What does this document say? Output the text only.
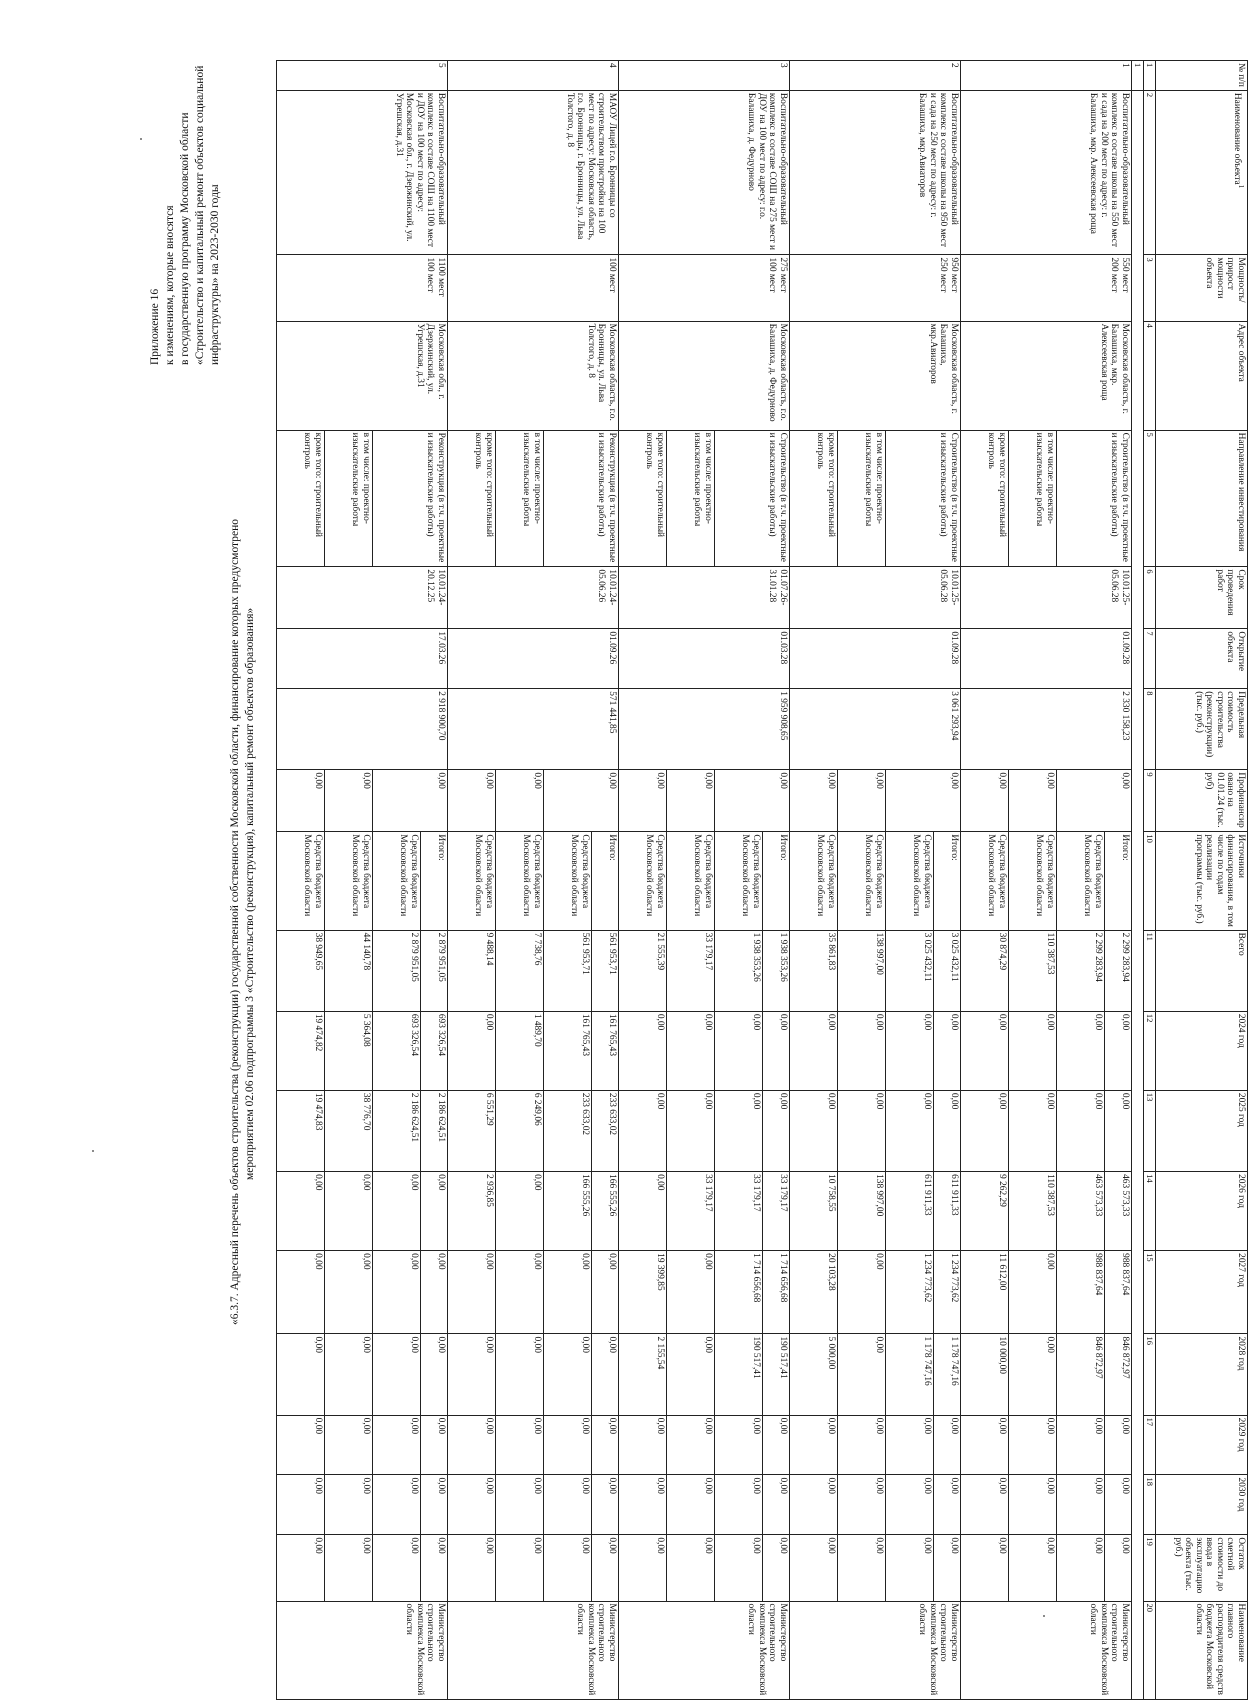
Приложение 16 к изменениям, которые вносятся в государственную программу Московской области «Строительство и капитальный ремонт объектов социальной инфраструктуры» на 2023-2030 годы
«6.3.7. Адресный перечень объектов строительства (реконструкции) государственной собственности Московской области, финансирование которых предусмотрено мероприятием 02.06 подпрограммы 3 «Строительство (реконструкция), капитальный ремонт объектов образования»
№ п/п	Наименование объекта$^1$	Мощность/ прирост мощности объекта	Адрес объекта	Направление инвестирования	Срок проведения работ	Открытие объекта	Предельная стоимость строительства (реконструкции) (тыс. руб.)	Профинансировано на 01.01.24 (тыс. руб)	Источники финансирования, в том числе по годам реализации программы (тыс. руб.)	Всего	2024 год	2025 год	2026 год	2027 год	2028 год	2029 год	2030 год	Остаток сметной стоимости до ввода в эксплуатацию объекта (тыс. руб.)	Наименование главного распорядителя средств бюджета Московской области
1	2	3	4	5	6	7	8	9	10	11	12	13	14	15	16	17	18	19	20
1																			
1	Воспитательно-образовательный комплекс в составе школы на 550 мест и сада на 200 мест по адресу: г. Балашиха, мкр. Алексеевская роща	550 мест
200 мест	Московская область, г. Балашиха, мкр. Алексеевская роща	Строительство (в т.ч. проектные и изыскательские работы)	10.01.25-05.06.28	01.09.28	2 330 158,23	0,00	Итого:	2 299 283,94	0,00	0,00	463 573,33	988 837,64	846 872,97	0,00	0,00	0,00	Министерство строительного комплекса Московской области
									Средства бюджета Московской области	2 299 283,94	0,00	0,00	463 573,33	988 837,64	846 872,97	0,00	0,00	0,00	
				в том числе: проектно-изыскательские работы				0,00	Средства бюджета Московской области	110 387,53	0,00	0,00	110 387,53	0,00	0,00	0,00	0,00	0,00	
				кроме того: строительный контроль				0,00	Средства бюджета Московской области	30 874,29	0,00	0,00	9 262,29	11 612,00	10 000,00	0,00	0,00	0,00	
2	Воспитательно-образовательный комплекс в составе школы на 950 мест и сада на 250 мест по адресу: г. Балашиха, мкр.Авиаторов	950 мест
250 мест	Московская область, г. Балашиха, мкр.Авиаторов	Строительство (в т.ч. проектные и изыскательские работы)	10.01.25-05.06.28	01.09.28	3 061 293,94	0,00	Итого:	3 025 432,11	0,00	0,00	611 911,33	1 234 773,62	1 178 747,16	0,00	0,00	0,00	Министерство строительного комплекса Московской области
									Средства бюджета Московской области	3 025 432,11	0,00	0,00	611 911,33	1 234 773,62	1 178 747,16	0,00	0,00	0,00	
				в том числе: проектно-изыскательские работы				0,00	Средства бюджета Московской области	138 997,00	0,00	0,00	138 997,00	0,00	0,00	0,00	0,00	0,00	
				кроме того: строительный контроль				0,00	Средства бюджета Московской области	35 861,83	0,00	0,00	10 758,55	20 103,28	5 000,00	0,00	0,00	0,00	
3	Воспитательно-образовательный комплекс в составе СОШ на 275 мест и ДОУ на 100 мест по адресу: г.о. Балашиха, д. Федурново	275 мест
100 мест	Московская область, г.о. Балашиха, д. Федурново	Строительство (в т.ч. проектные и изыскательские работы)	01.07.26-31.01.28	01.03.28	1 959 908,65	0,00	Итого:	1 938 353,26	0,00	0,00	33 179,17	1 714 656,68	190 517,41	0,00	0,00	0,00	Министерство строительного комплекса Московской области
									Средства бюджета Московской области	1 938 353,26	0,00	0,00	33 179,17	1 714 656,68	190 517,41	0,00	0,00	0,00	
				в том числе: проектно-изыскательские работы				0,00	Средства бюджета Московской области	33 179,17	0,00	0,00	33 179,17	0,00	0,00	0,00	0,00	0,00	
				кроме того: строительный контроль				0,00	Средства бюджета Московской области	21 555,39	0,00	0,00	0,00	19 399,85	2 155,54	0,00	0,00	0,00	
4	МАОУ Лицей г.о. Бронницы со строительством пристройки на 100 мест по адресу: Московская область, г.о. Бронницы, г. Бронницы, ул. Льва Толстого, д. 8	100 мест	Московская область, г.о. Бронницы, ул. Льва Толстого, д. 8	Реконструкция (в т.ч. проектные и изыскательские работы)	10.01.24-05.06.26	01.09.26	571 441,85	0,00	Итого:	561 953,71	161 765,43	233 633,02	166 555,26	0,00	0,00	0,00	0,00	0,00	Министерство строительного комплекса Московской области
									Средства бюджета Московской области	561 953,71	161 765,43	233 633,02	166 555,26	0,00	0,00	0,00	0,00	0,00	
				в том числе: проектно-изыскательские работы				0,00	Средства бюджета Московской области	7 738,76	1 489,70	6 249,06	0,00	0,00	0,00	0,00	0,00	0,00	
				кроме того: строительный контроль				0,00	Средства бюджета Московской области	9 488,14	0,00	6 551,29	2 936,85	0,00	0,00	0,00	0,00	0,00	
5	Воспитательно-образовательный комплекс в составе СОШ на 1100 мест и ДОУ на 100 мест по адресу: Московская обл., г. Дзержинский, ул. Угрешская, д.31	1100 мест
100 мест	Московская обл., г. Дзержинский, ул. Угрешская, д.31	Реконструкция (в т.ч. проектные и изыскательские работы)	10.01.24-20.12.25	17.03.26	2 918 900,70	0,00	Итого:	2 879 951,05	693 326,54	2 186 624,51	0,00	0,00	0,00	0,00	0,00	0,00	Министерство строительного комплекса Московской области
									Средства бюджета Московской области	2 879 951,05	693 326,54	2 186 624,51	0,00	0,00	0,00	0,00	0,00	0,00	
				в том числе: проектно-изыскательские работы				0,00	Средства бюджета Московской области	44 140,78	5 364,08	38 776,70	0,00	0,00	0,00	0,00	0,00	0,00	
				кроме того: строительный контроль				0,00	Средства бюджета Московской области	38 949,65	19 474,82	19 474,83	0,00	0,00	0,00	0,00	0,00	0,00	
